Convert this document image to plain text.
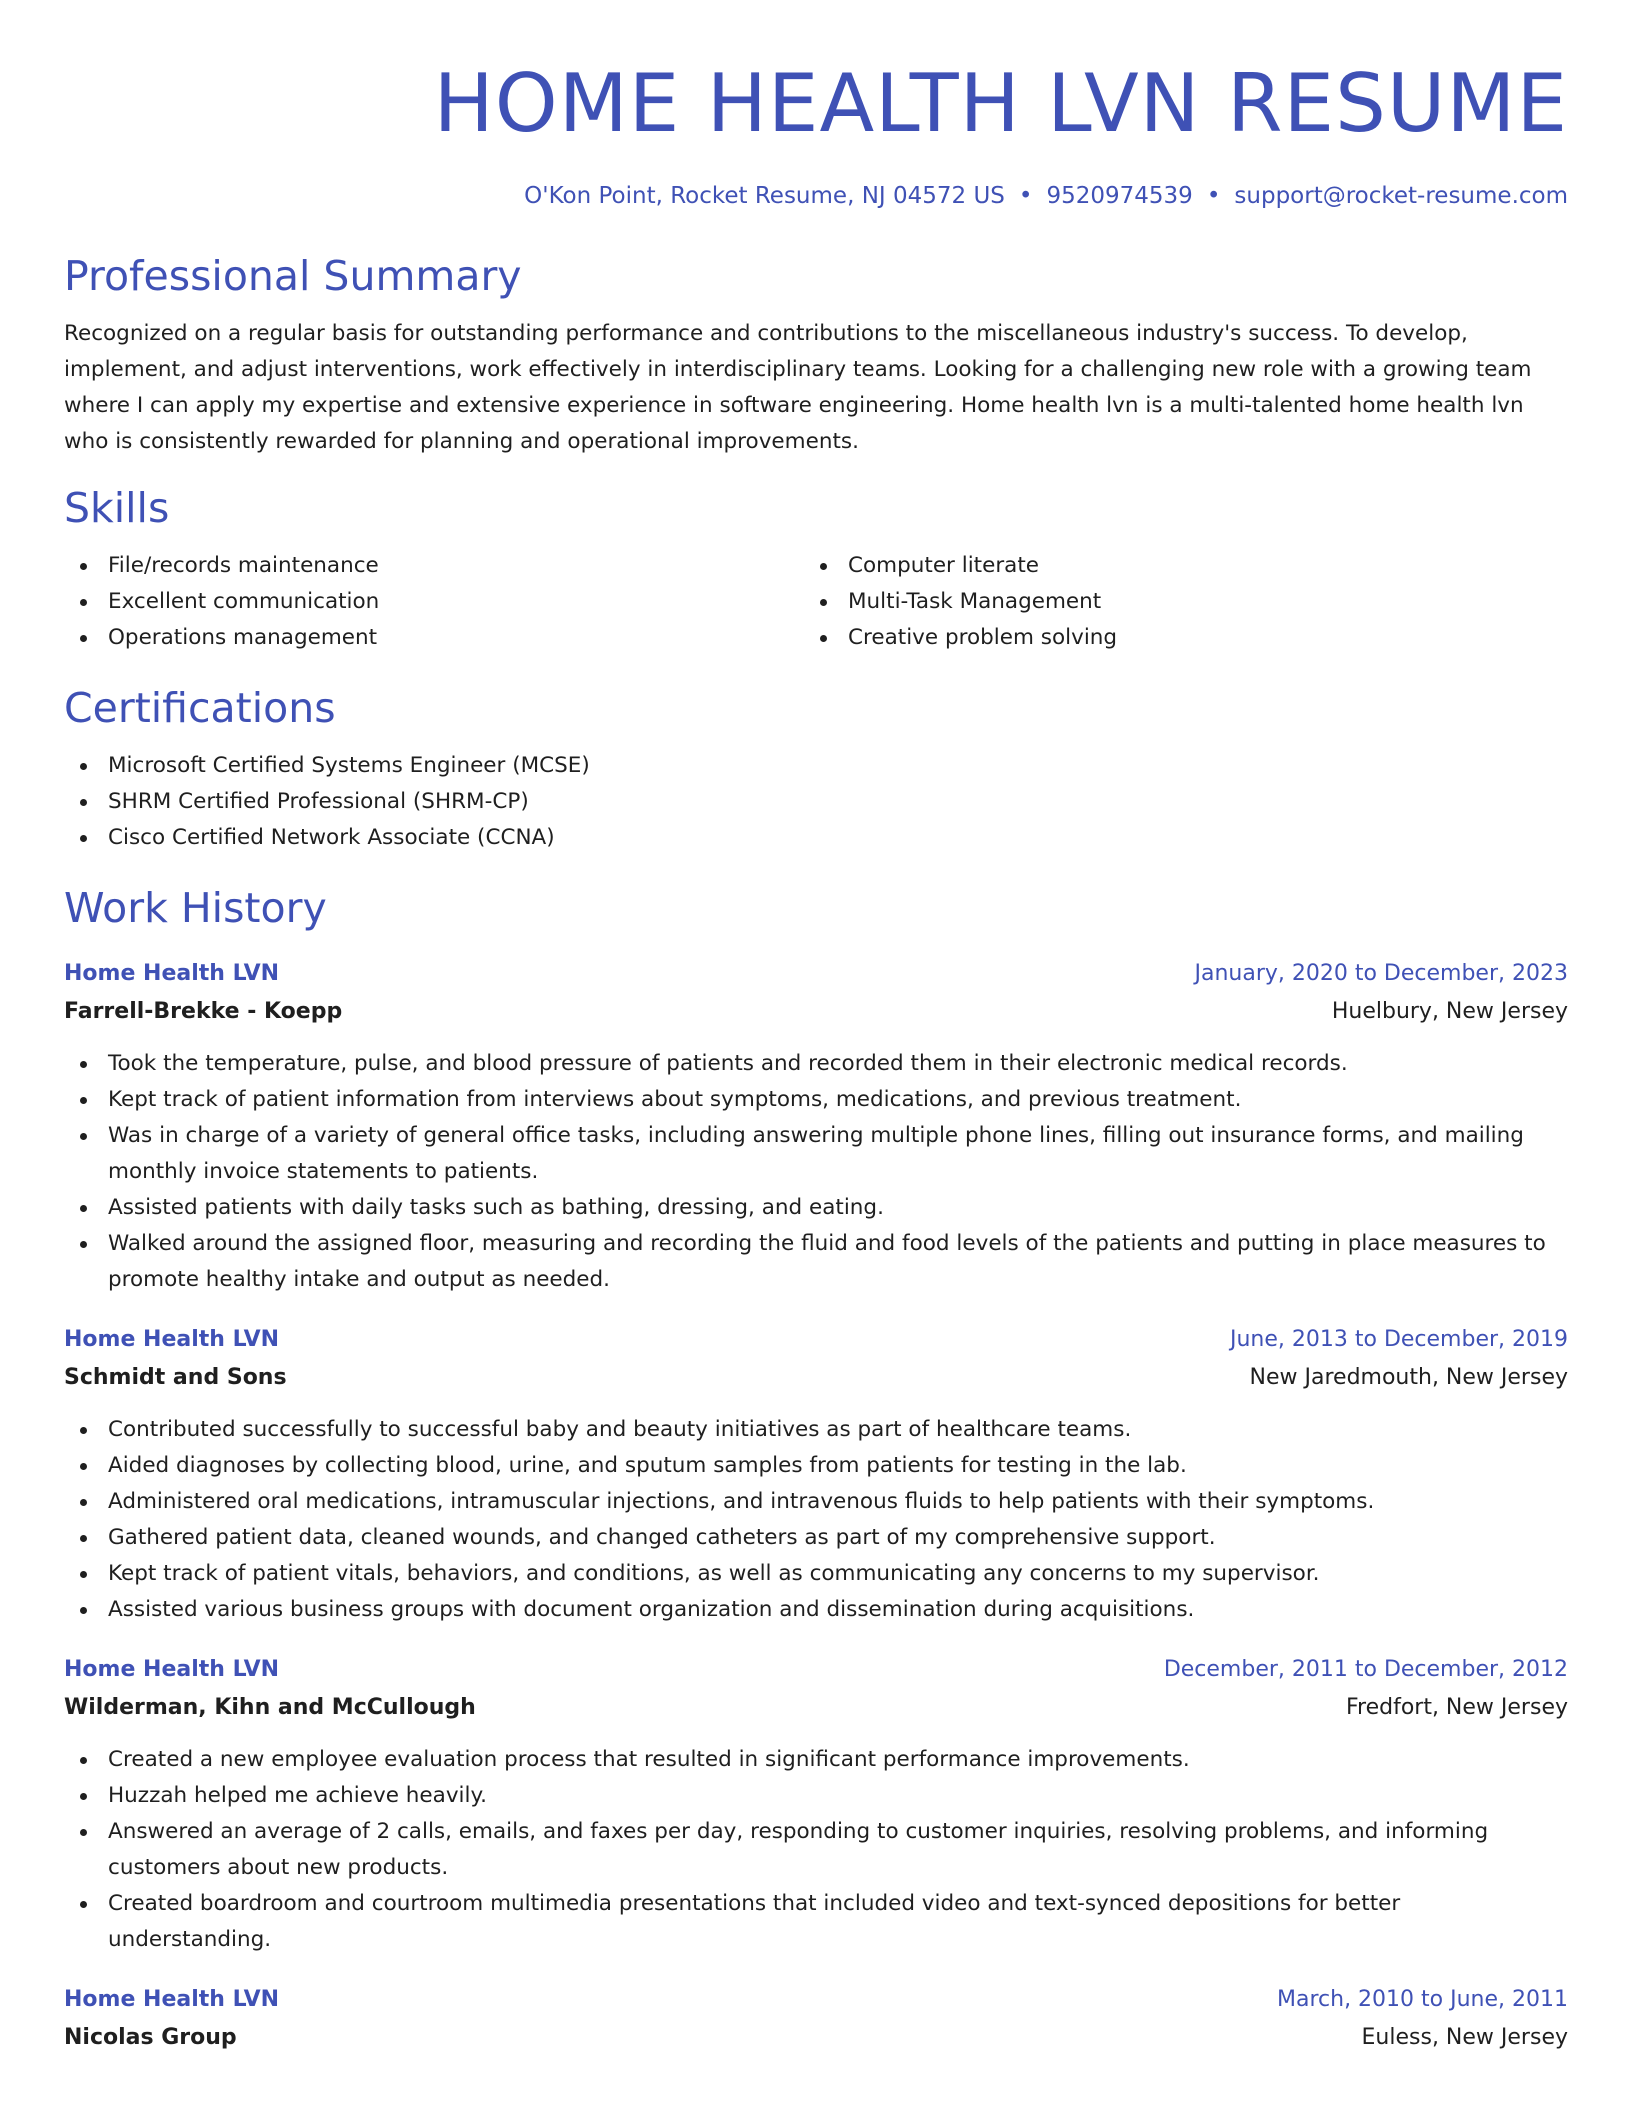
HOME HEALTH LVN RESUME
O'Kon Point, Rocket Resume, NJ 04572 US • 9520974539 • support@rocket-resume.com
Professional Summary

Recognized on a regular basis for outstanding performance and contributions to the miscellaneous industry's success. To develop, implement, and adjust interventions, work effectively in interdisciplinary teams. Looking for a challenging new role with a growing team where I can apply my expertise and extensive experience in software engineering. Home health lvn is a multi-talented home health lvn who is consistently rewarded for planning and operational improvements.

Skills
File/records maintenance
Excellent communication
Operations management
Computer literate
Multi-Task Management
Creative problem solving
Certifications
Microsoft Certified Systems Engineer (MCSE)
SHRM Certified Professional (SHRM-CP)
Cisco Certified Network Associate (CCNA)
Work History
Home Health LVN	January, 2020 to December, 2023
Farrell-Brekke - Koepp	Huelbury, New Jersey
Took the temperature, pulse, and blood pressure of patients and recorded them in their electronic medical records.
Kept track of patient information from interviews about symptoms, medications, and previous treatment.
Was in charge of a variety of general office tasks, including answering multiple phone lines, filling out insurance forms, and mailing monthly invoice statements to patients.
Assisted patients with daily tasks such as bathing, dressing, and eating.
Walked around the assigned floor, measuring and recording the fluid and food levels of the patients and putting in place measures to promote healthy intake and output as needed.
Home Health LVN	June, 2013 to December, 2019
Schmidt and Sons	New Jaredmouth, New Jersey
Contributed successfully to successful baby and beauty initiatives as part of healthcare teams.
Aided diagnoses by collecting blood, urine, and sputum samples from patients for testing in the lab.
Administered oral medications, intramuscular injections, and intravenous fluids to help patients with their symptoms.
Gathered patient data, cleaned wounds, and changed catheters as part of my comprehensive support.
Kept track of patient vitals, behaviors, and conditions, as well as communicating any concerns to my supervisor.
Assisted various business groups with document organization and dissemination during acquisitions.
Home Health LVN	December, 2011 to December, 2012
Wilderman, Kihn and McCullough	Fredfort, New Jersey
Created a new employee evaluation process that resulted in significant performance improvements.
Huzzah helped me achieve heavily.
Answered an average of 2 calls, emails, and faxes per day, responding to customer inquiries, resolving problems, and informing customers about new products.
Created boardroom and courtroom multimedia presentations that included video and text-synced depositions for better understanding.
Home Health LVN	March, 2010 to June, 2011
Nicolas Group	Euless, New Jersey
